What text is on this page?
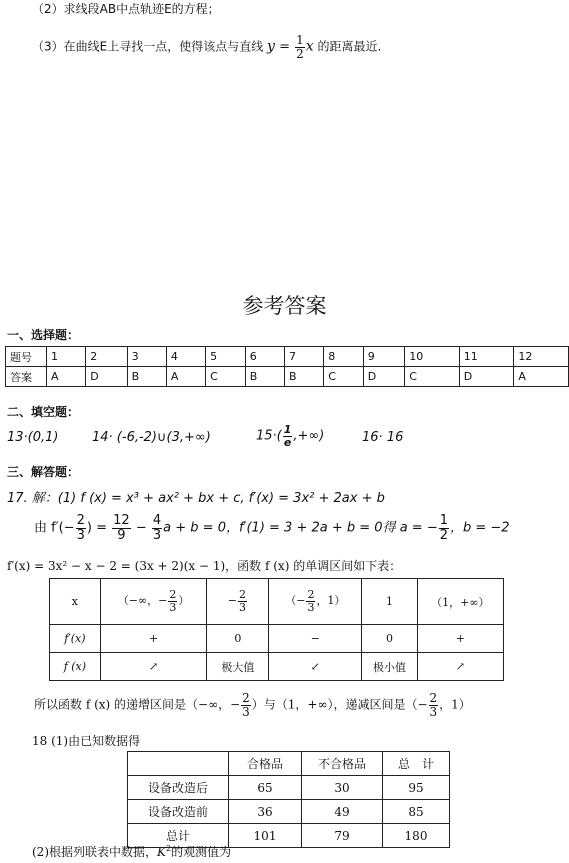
（2）求线段AB中点轨迹E的方程；
（3）在曲线E上寻找一点，使得该点与直线 $y = \frac{1}{2}$ x 的距离最近.
参考答案
一、选择题：
题号	1	2	3	4	5	6	7	8	9	10	11	12
答案	A	D	B	A	C	B	B	C	D	C	D	A
二、填空题：
13·(0,1)	14· (-6,-2)∪(3,+∞)	$15\cdot( \frac{1}{e}$ ,+∞)	16· 16
三、解答题：
17. 解：(1) f (x) = x³ + ax² + bx + c, f′(x) = 3x² + 2ax + b
由 $f'(- \frac{2}{3}$ ) = $\frac{12}{9} - \frac{4}{3}$ a + b = 0，f′(1) = 3 + 2a + b = 0得 a = − $\frac{1}{2}$ ，b = −2
f′(x) = 3x² − x − 2 = (3x + 2)(x − 1)，函数 f (x) 的单调区间如下表：
x	（−∞，− $\frac{2}{3}$ ）	− $\frac{2}{3}$	（− $\frac{2}{3}$ ，1）	1	（1，+∞）
f′(x)	+	0	−	0	+
f (x)	↗	极大值	↙	极小值	↗
所以函数 f (x) 的递增区间是（−∞，− $\frac{2}{3}$ ）与（1，+∞），递减区间是（− $\frac{2}{3}$ ，1）
18 (1)由已知数据得
	合格品	不合格品	总　计
设备改造后	65	30	95
设备改造前	36	49	85
总计	101	79	180
(2)根据列联表中数据，$K^2$的观测值为
